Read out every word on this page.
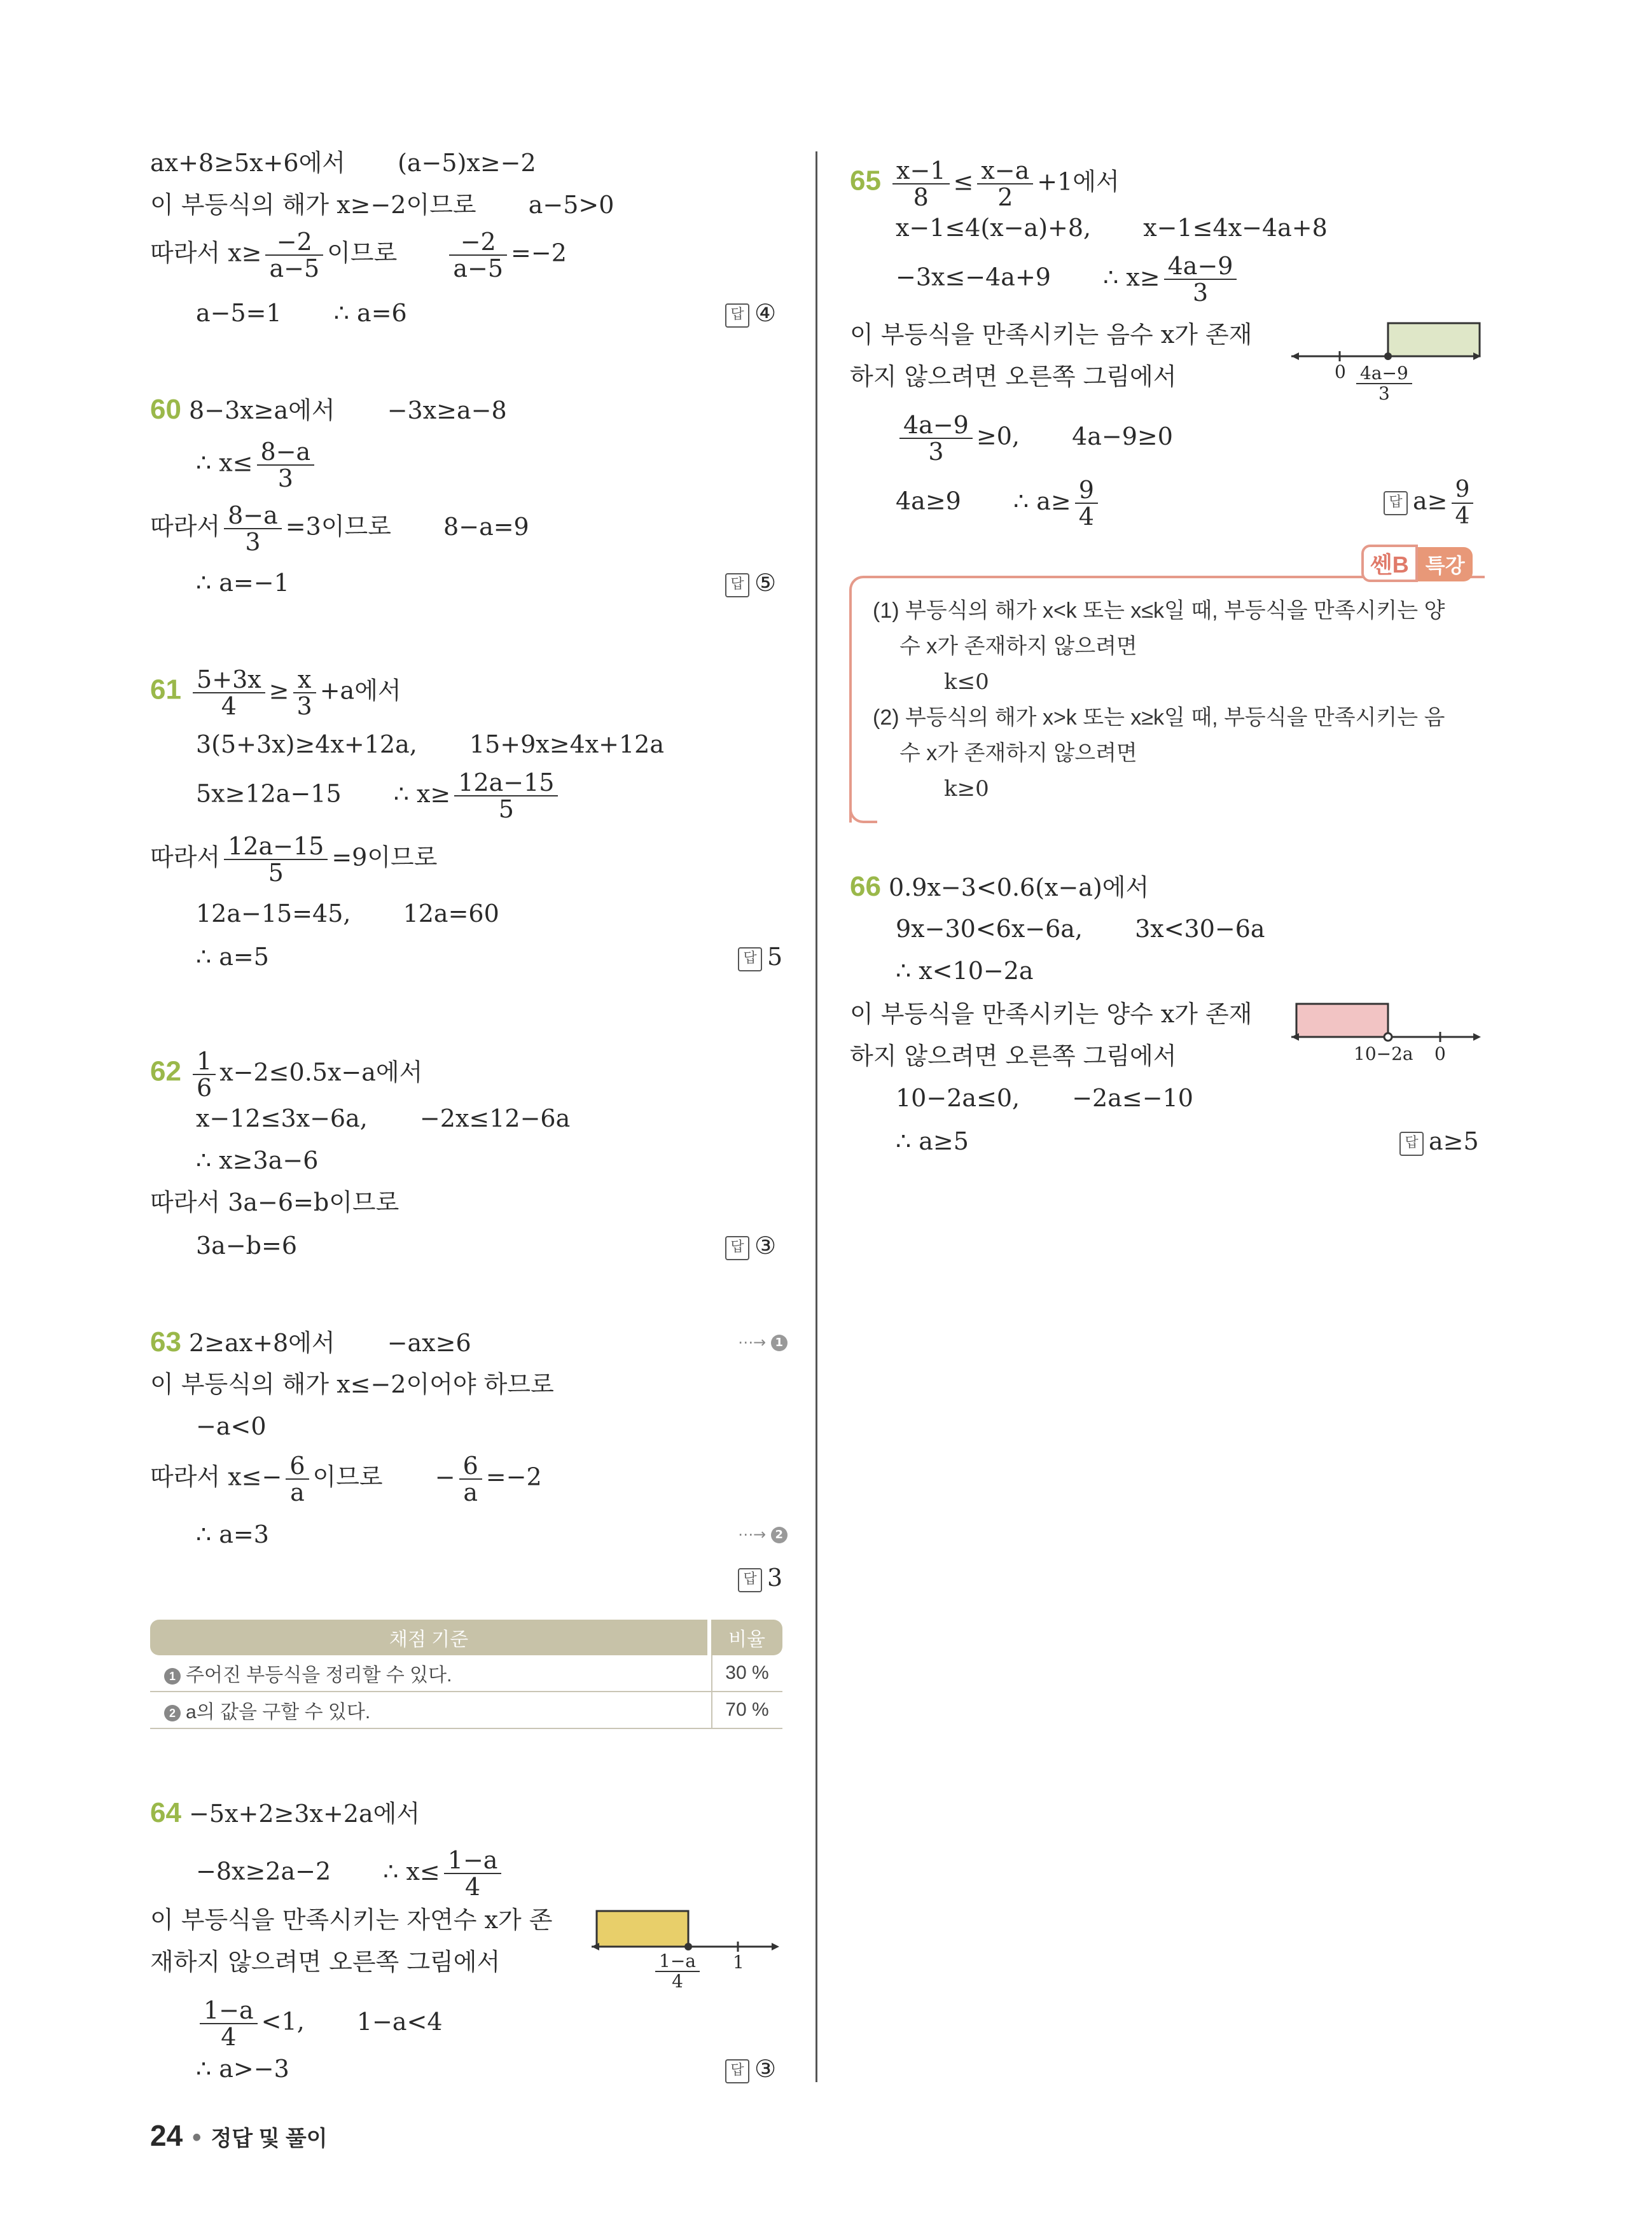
ax+8≥5x+6에서 (a−5)x≥−2
이 부등식의 해가 x≥−2이므로 a−5>0
따라서 $x\ge \frac{-2}{a-5}$ 이므로 $\frac{-2}{a-5} =-2$
a−5=1 ∴ a=6	답 ④
60 8−3x≥a에서 −3x≥a−8
∴ $x\le \frac{8-a}{3}$
따라서 $\frac{8-a}{3} =3$이므로 8−a=9
∴ a=−1	답 ⑤
$61 \frac{5+3x}{4} \ge \frac{x}{3} +a$에서
3(5+3x)≥4x+12a, 15+9x≥4x+12a
5x≥12a−15 ∴ $x\ge \frac{12a-15}{5}$
따라서 $\frac{12a-15}{5} =9$이므로
12a−15=45, 12a=60
∴ a=5	답 5
$62 \frac{1}{6} x-2\le 0.5x-a$에서
x−12≤3x−6a, −2x≤12−6a
∴ x≥3a−6
따라서 3a−6=b이므로
3a−b=6	답 ③
63 2≥ax+8에서 −ax≥6	⋯→ 1
이 부등식의 해가 x≤−2이어야 하므로
−a<0
따라서 $x\le- \frac{6}{a}$ 이므로 − $\frac{6}{a} =-2$
∴ a=3	⋯→ 2
답 3
채점 기준	비율
1 주어진 부등식을 정리할 수 있다.	30 %
2 a의 값을 구할 수 있다.	70 %
64 −5x+2≥3x+2a에서
−8x≥2a−2 ∴ $x\le \frac{1-a}{4}$
이 부등식을 만족시키는 자연수 x가 존
재하지 않으려면 오른쪽 그림에서
$\frac{1-a}{4} <1$, 1−a<4
∴ a>−3	답 ③
$\frac{1-a}{4} 1$
$65 \frac{x-1}{8} \le \frac{x-a}{2} +1$에서
x−1≤4(x−a)+8, x−1≤4x−4a+8
−3x≤−4a+9 ∴ $x\ge \frac{4a-9}{3}$
이 부등식을 만족시키는 음수 x가 존재
하지 않으려면 오른쪽 그림에서
$\frac{4a-9}{3} \ge 0$, 4a−9≥0
4a≥9 ∴ $a\ge \frac{9}{4}$	답 $a\ge \frac{9}{4}$
$0 \frac{4a-9}{3}$
쎈B 특강
(1) 부등식의 해가 x<k 또는 x≤k일 때, 부등식을 만족시키는 양
수 x가 존재하지 않으려면
k≤0
(2) 부등식의 해가 x>k 또는 x≥k일 때, 부등식을 만족시키는 음
수 x가 존재하지 않으려면
k≥0
66 0.9x−3<0.6(x−a)에서
9x−30<6x−6a, 3x<30−6a
∴ x<10−2a
이 부등식을 만족시키는 양수 x가 존재
하지 않으려면 오른쪽 그림에서
10−2a≤0, −2a≤−10
∴ a≥5	답 a≥5
10−2a 0
24 • 정답 및 풀이
